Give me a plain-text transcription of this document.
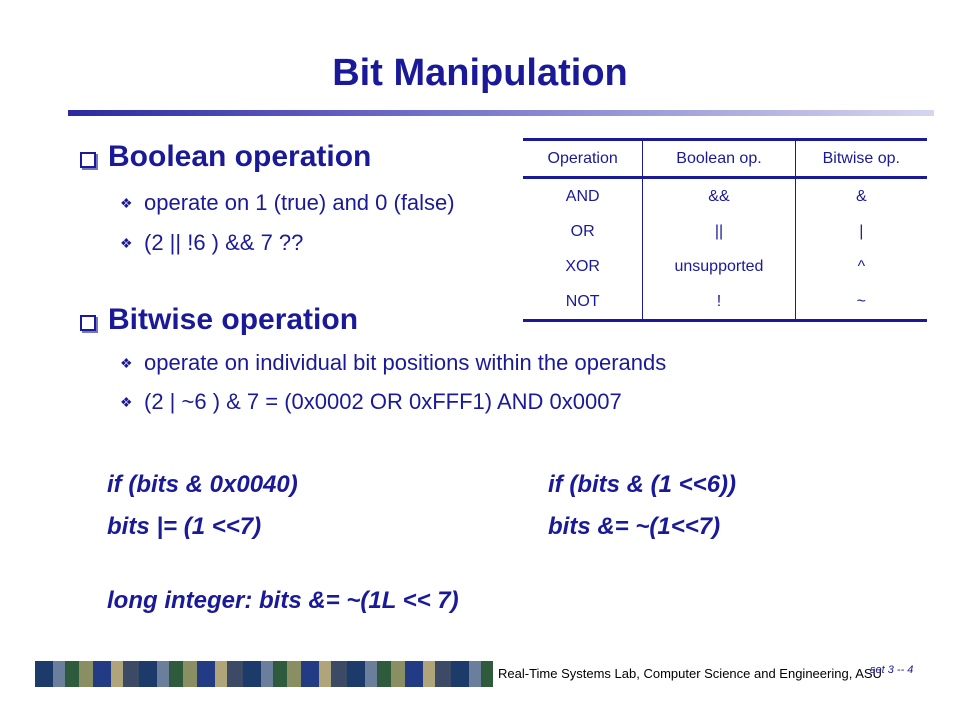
Bit Manipulation
Boolean operation
❖ operate on 1 (true) and 0 (false)
❖ (2 || !6 ) && 7 ??
Bitwise operation
❖ operate on individual bit positions within the operands
❖ (2 | ~6 ) & 7 = (0x0002 OR 0xFFF1) AND 0x0007
if (bits & 0x0040)
bits |= (1 <<7)
if (bits & (1 <<6))
bits &= ~(1<<7)
long integer: bits &= ~(1L << 7)
Operation	Boolean op.	Bitwise op.
AND	&&	&
OR	||	|
XOR	unsupported	^
NOT	!	~
Real-Time Systems Lab, Computer Science and Engineering, ASU
set 3 -- 4
